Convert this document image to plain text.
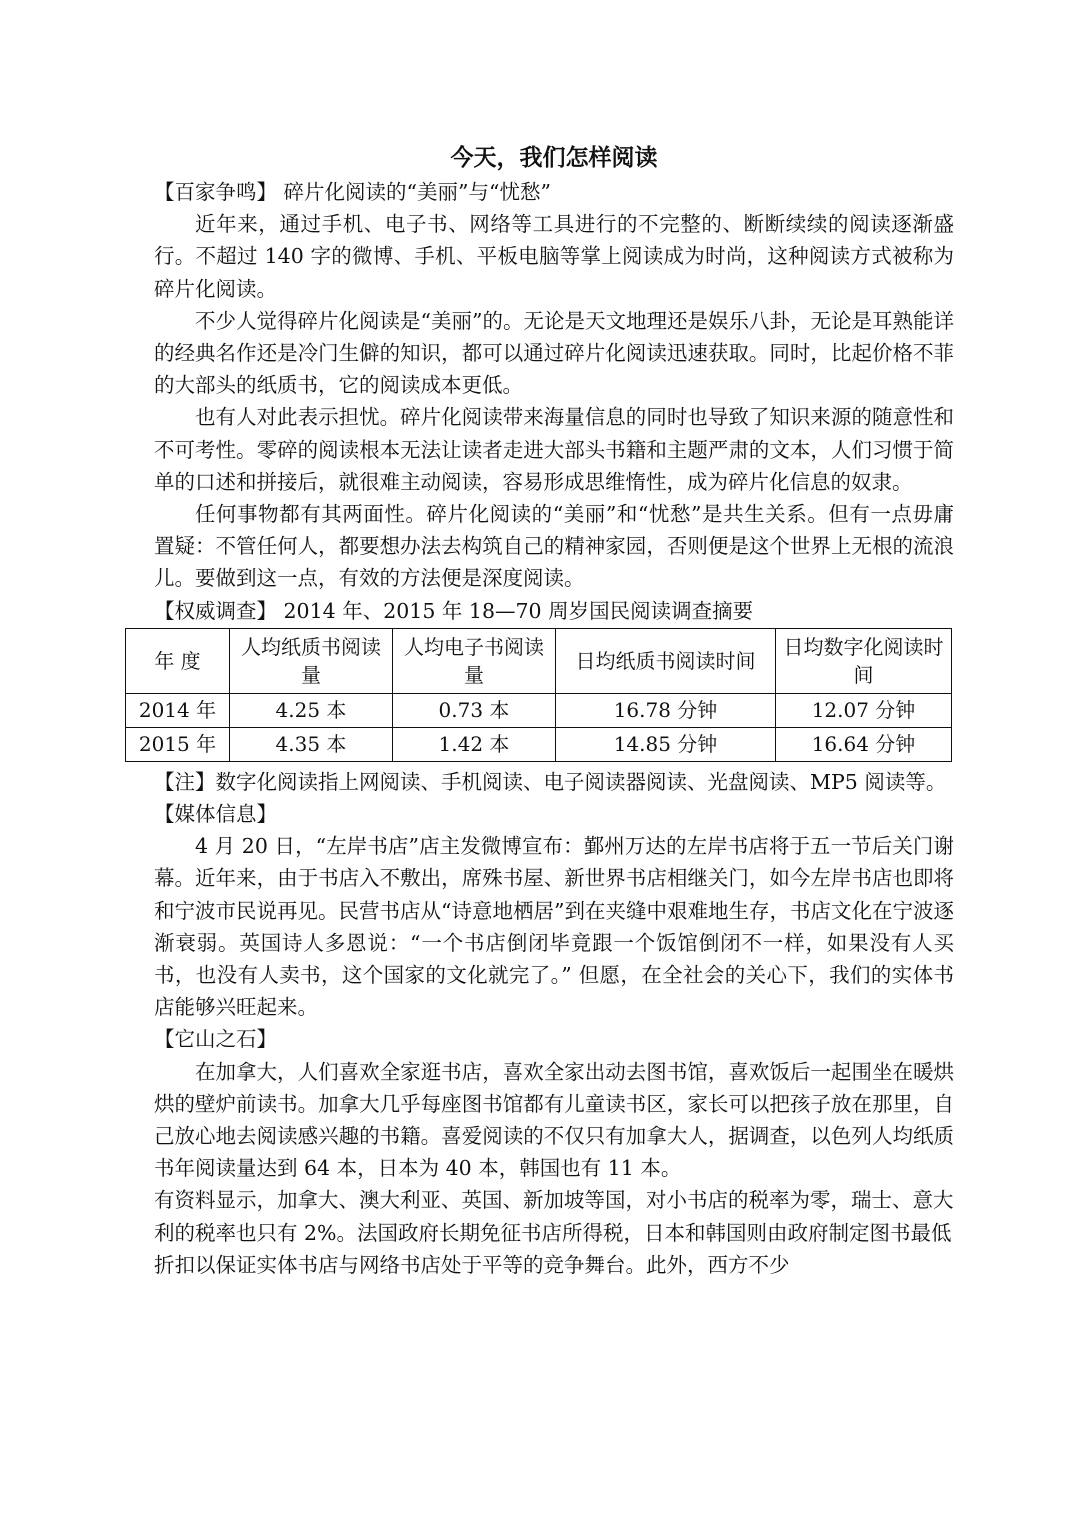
今天，我们怎样阅读
【百家争鸣】 碎片化阅读的“美丽”与“忧愁”

近年来，通过手机、电子书、网络等工具进行的不完整的、断断续续的阅读逐渐盛行。不超过 140 字的微博、手机、平板电脑等掌上阅读成为时尚，这种阅读方式被称为碎片化阅读。

不少人觉得碎片化阅读是“美丽”的。无论是天文地理还是娱乐八卦，无论是耳熟能详的经典名作还是冷门生僻的知识，都可以通过碎片化阅读迅速获取。同时，比起价格不菲的大部头的纸质书，它的阅读成本更低。

也有人对此表示担忧。碎片化阅读带来海量信息的同时也导致了知识来源的随意性和不可考性。零碎的阅读根本无法让读者走进大部头书籍和主题严肃的文本，人们习惯于简单的口述和拼接后，就很难主动阅读，容易形成思维惰性，成为碎片化信息的奴隶。

任何事物都有其两面性。碎片化阅读的“美丽”和“忧愁”是共生关系。但有一点毋庸置疑：不管任何人，都要想办法去构筑自己的精神家园，否则便是这个世界上无根的流浪儿。要做到这一点，有效的方法便是深度阅读。

【权威调查】 2014 年、2015 年 18—70 周岁国民阅读调查摘要
年 度	人均纸质书阅读量	人均电子书阅读量	日均纸质书阅读时间	日均数字化阅读时间
2014 年	4.25 本	0.73 本	16.78 分钟	12.07 分钟
2015 年	4.35 本	1.42 本	14.85 分钟	16.64 分钟

【注】数字化阅读指上网阅读、手机阅读、电子阅读器阅读、光盘阅读、MP5 阅读等。

【媒体信息】

4 月 20 日，“左岸书店”店主发微博宣布：鄞州万达的左岸书店将于五一节后关门谢幕。近年来，由于书店入不敷出，席殊书屋、新世界书店相继关门，如今左岸书店也即将和宁波市民说再见。民营书店从“诗意地栖居”到在夹缝中艰难地生存，书店文化在宁波逐渐衰弱。英国诗人多恩说：“一个书店倒闭毕竟跟一个饭馆倒闭不一样，如果没有人买书，也没有人卖书，这个国家的文化就完了。” 但愿，在全社会的关心下，我们的实体书店能够兴旺起来。

【它山之石】

在加拿大，人们喜欢全家逛书店，喜欢全家出动去图书馆，喜欢饭后一起围坐在暖烘烘的壁炉前读书。加拿大几乎每座图书馆都有儿童读书区，家长可以把孩子放在那里，自己放心地去阅读感兴趣的书籍。喜爱阅读的不仅只有加拿大人，据调查，以色列人均纸质书年阅读量达到 64 本，日本为 40 本，韩国也有 11 本。

有资料显示，加拿大、澳大利亚、英国、新加坡等国，对小书店的税率为零，瑞士、意大利的税率也只有 2%。法国政府长期免征书店所得税，日本和韩国则由政府制定图书最低折扣以保证实体书店与网络书店处于平等的竞争舞台。此外，西方不少
